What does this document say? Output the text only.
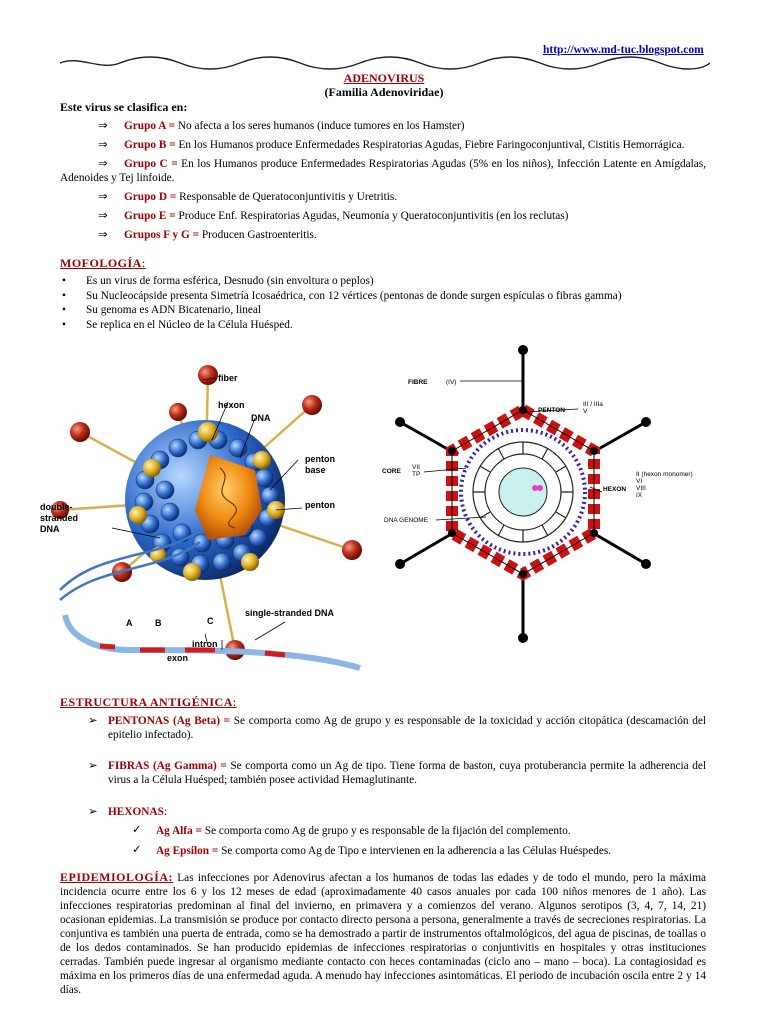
http://www.md-tuc.blogspot.com
ADENOVIRUS
(Familia Adenoviridae)
Este virus se clasifica en:
⇒	Grupo A = No afecta a los seres humanos (induce tumores en los Hamster)
⇒	Grupo B = En los Humanos produce Enfermedades Respiratorias Agudas, Fiebre Faringoconjuntival, Cistitis Hemorrágica.
⇒	Grupo C = En los Humanos produce Enfermedades Respiratorias Agudas (5% en los niños), Infección Latente en Amígdalas, Adenoides y Tej linfoide.
⇒	Grupo D = Responsable de Queratoconjuntivitis y Uretritis.
⇒	Grupo E = Produce Enf. Respiratorias Agudas, Neumonía y Queratoconjuntivitis (en los reclutas)
⇒	Grupos F y G = Producen Gastroenteritis.
MOFOLOGÍA:
• Es un virus de forma esférica, Desnudo (sin envoltura o peplos)
• Su Nucleocápside presenta Simetría Icosaédrica, con 12 vértices (pentonas de donde surgen espículas o fibras gamma)
• Su genoma es ADN Bicatenario, lineal
• Se replica en el Núcleo de la Célula Huésped.
fiber
hexon
DNA
penton base
penton
double-stranded DNA
single-stranded DNA
A	B	C
intron
exon
FIBRE	(IV)
PENTON
III / IIIa V
CORE
VII TP
HEXON
II (hexon monomer) VI VIII IX
DNA GENOME
ESTRUCTURA ANTIGÉNICA:
➢ PENTONAS (Ag Beta) = Se comporta como Ag de grupo y es responsable de la toxicidad y acción citopática (descamación del epitelio infectado).
➢ FIBRAS (Ag Gamma) = Se comporta como un Ag de tipo. Tiene forma de baston, cuya protuberancia permite la adherencia del virus a la Célula Huésped; también posee actividad Hemaglutinante.
➢ HEXONAS:
✓	Ag Alfa = Se comporta como Ag de grupo y es responsable de la fijación del complemento.
✓	Ag Epsilon = Se comporta como Ag de Tipo e intervienen en la adherencia a las Células Huéspedes.
EPIDEMIOLOGÍA: Las infecciones por Adenovirus afectan a los humanos de todas las edades y de todo el mundo, pero la máxima incidencia ocurre entre los 6 y los 12 meses de edad (aproximadamente 40 casos anuales por cada 100 niños menores de 1 año). Las infecciones respiratorias predominan al final del invierno, en primavera y a comienzos del verano. Algunos serotipos (3, 4, 7, 14, 21) ocasionan epidemias. La transmisión se produce por contacto directo persona a persona, generalmente a través de secreciones respiratorias. La conjuntiva es también una puerta de entrada, como se ha demostrado a partir de instrumentos oftalmológicos, del agua de piscinas, de toallas o de los dedos contaminados. Se han producido epidemias de infecciones respiratorias o conjuntivitis en hospitales y otras instituciones cerradas. También puede ingresar al organismo mediante contacto con heces contaminadas (ciclo ano – mano – boca). La contagiosidad es máxima en los primeros días de una enfermedad aguda. A menudo hay infecciones asintomáticas. El periodo de incubación oscila entre 2 y 14 días.
